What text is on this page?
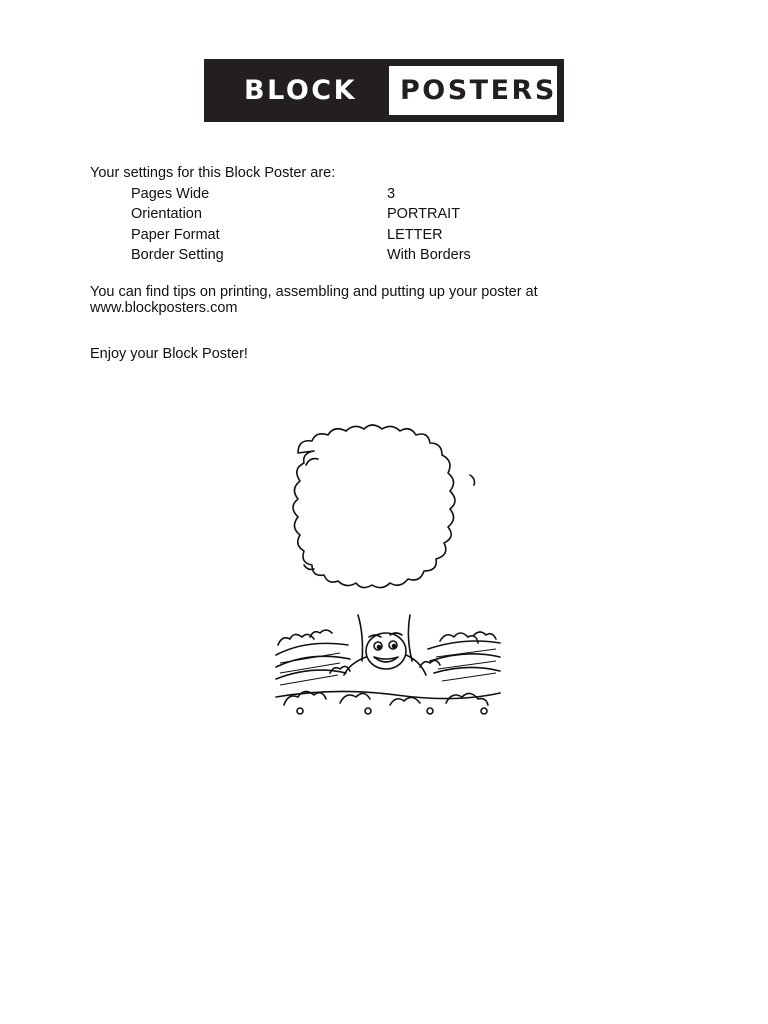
BLOCK POSTERS
Your settings for this Block Poster are:
Pages Wide	3
Orientation	PORTRAIT
Paper Format	LETTER
Border Setting	With Borders
You can find tips on printing, assembling and putting up your poster at
www.blockposters.com
Enjoy your Block Poster!
